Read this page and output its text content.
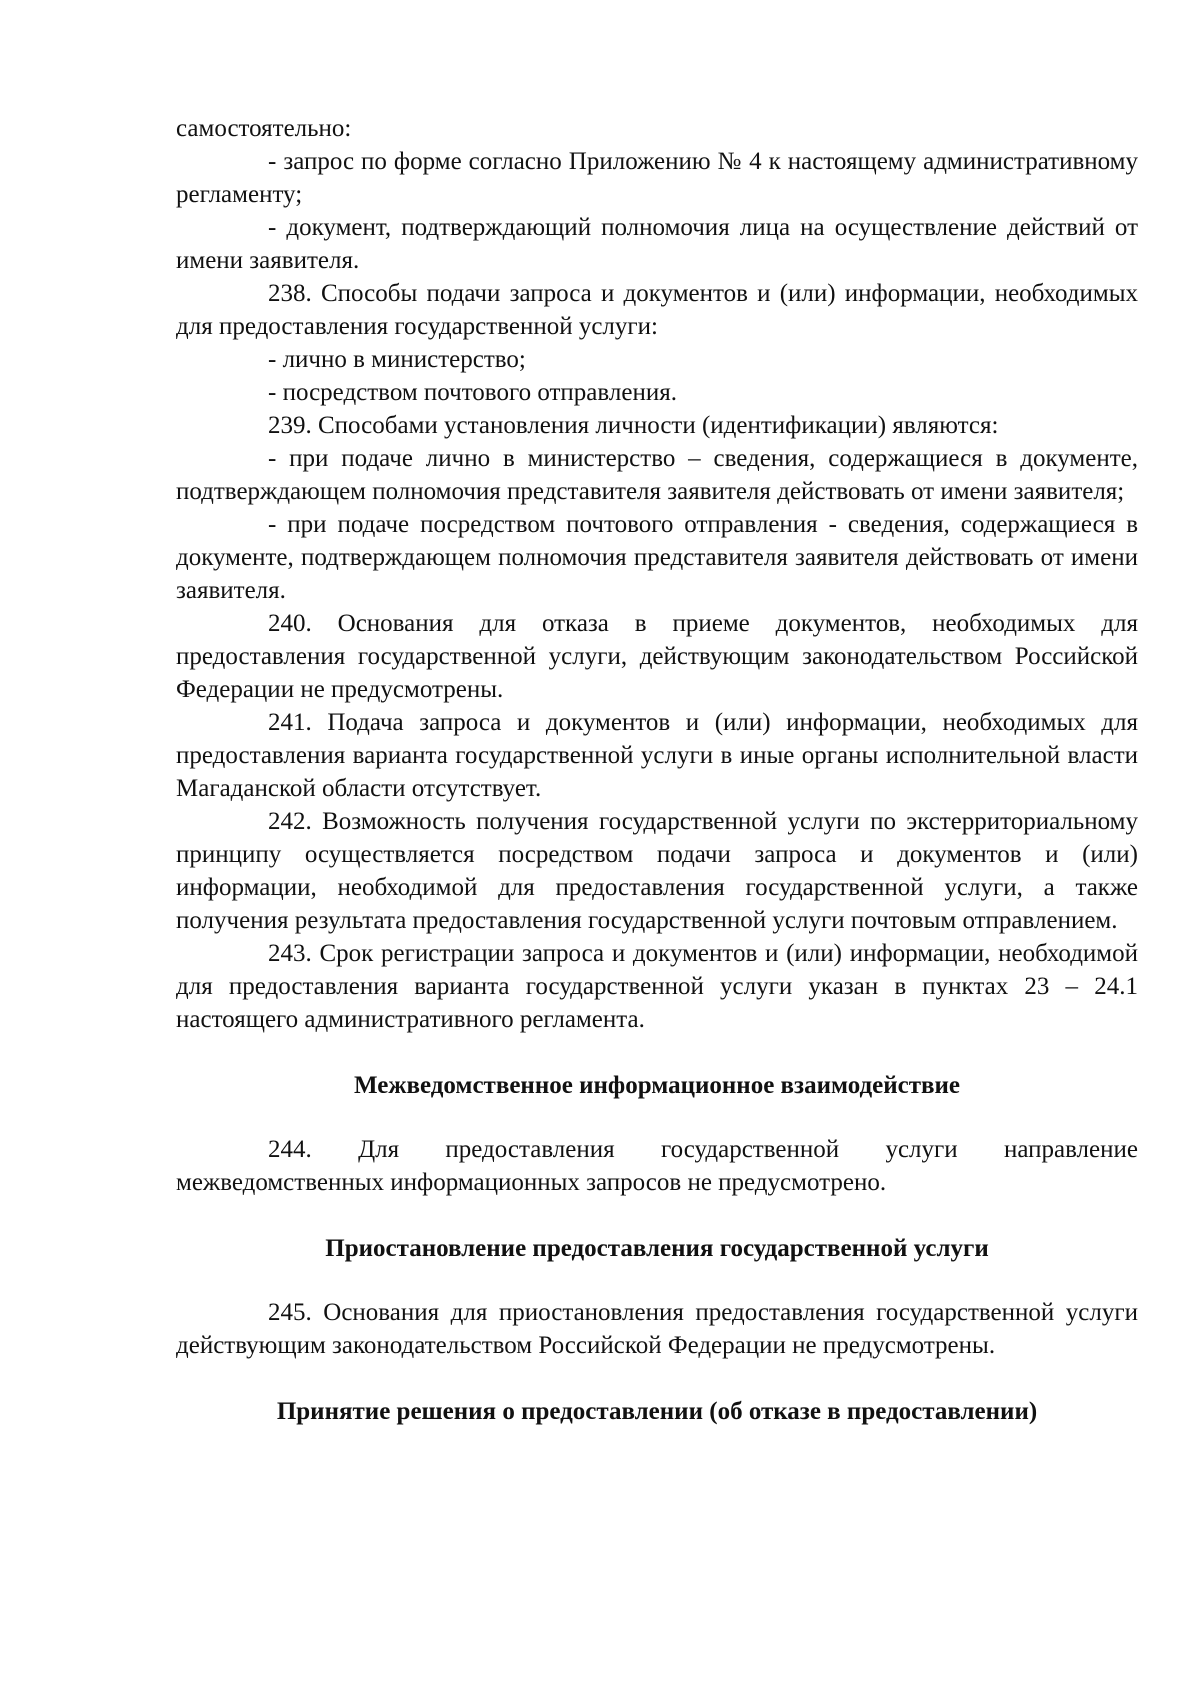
самостоятельно:

- запрос по форме согласно Приложению № 4 к настоящему административному регламенту;

- документ, подтверждающий полномочия лица на осуществление действий от имени заявителя.

238. Способы подачи запроса и документов и (или) информации, необходимых для предоставления государственной услуги:

- лично в министерство;

- посредством почтового отправления.

239. Способами установления личности (идентификации) являются:

- при подаче лично в министерство – сведения, содержащиеся в документе, подтверждающем полномочия представителя заявителя действовать от имени заявителя;

- при подаче посредством почтового отправления - сведения, содержащиеся в документе, подтверждающем полномочия представителя заявителя действовать от имени заявителя.

240. Основания для отказа в приеме документов, необходимых для предоставления государственной услуги, действующим законодательством Российской Федерации не предусмотрены.

241. Подача запроса и документов и (или) информации, необходимых для предоставления варианта государственной услуги в иные органы исполнительной власти Магаданской области отсутствует.

242. Возможность получения государственной услуги по экстерриториальному принципу осуществляется посредством подачи запроса и документов и (или) информации, необходимой для предоставления государственной услуги, а также получения результата предоставления государственной услуги почтовым отправлением.

243. Срок регистрации запроса и документов и (или) информации, необходимой для предоставления варианта государственной услуги указан в пунктах 23 – 24.1 настоящего административного регламента.

Межведомственное информационное взаимодействие

244. Для предоставления государственной услуги направление межведомственных информационных запросов не предусмотрено.

Приостановление предоставления государственной услуги

245. Основания для приостановления предоставления государственной услуги действующим законодательством Российской Федерации не предусмотрены.

Принятие решения о предоставлении (об отказе в предоставлении)
